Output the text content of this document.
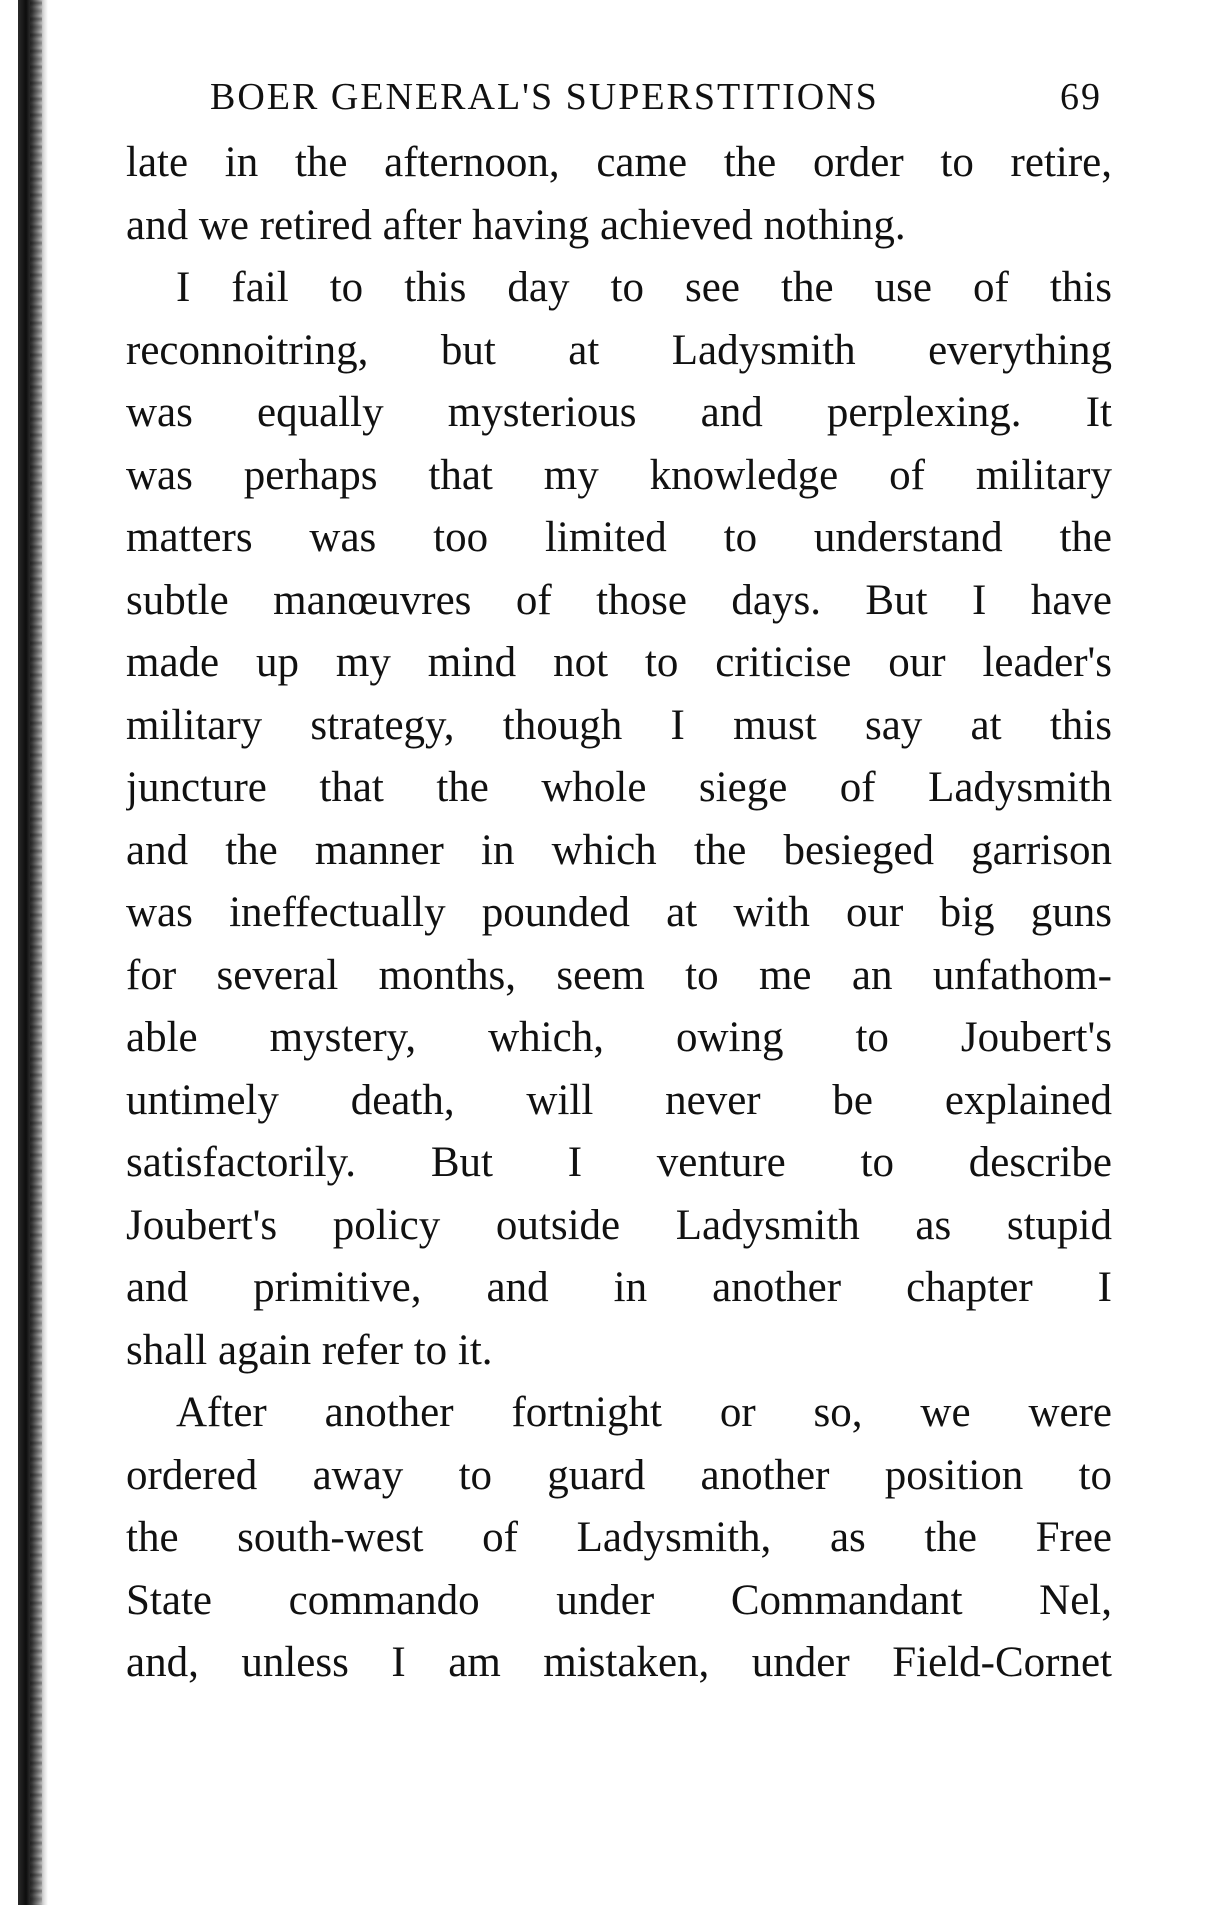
BOER GENERAL'S SUPERSTITIONS	69
late in the afternoon, came the order to retire,
and we retired after having achieved nothing.
I fail to this day to see the use of this
reconnoitring, but at Ladysmith everything
was equally mysterious and perplexing. It
was perhaps that my knowledge of military
matters was too limited to understand the
subtle manœuvres of those days. But I have
made up my mind not to criticise our leader's
military strategy, though I must say at this
juncture that the whole siege of Ladysmith
and the manner in which the besieged garrison
was ineffectually pounded at with our big guns
for several months, seem to me an unfathom-
able mystery, which, owing to Joubert's
untimely death, will never be explained
satisfactorily. But I venture to describe
Joubert's policy outside Ladysmith as stupid
and primitive, and in another chapter I
shall again refer to it.
After another fortnight or so, we were
ordered away to guard another position to
the south-west of Ladysmith, as the Free
State commando under Commandant Nel,
and, unless I am mistaken, under Field-Cornet
